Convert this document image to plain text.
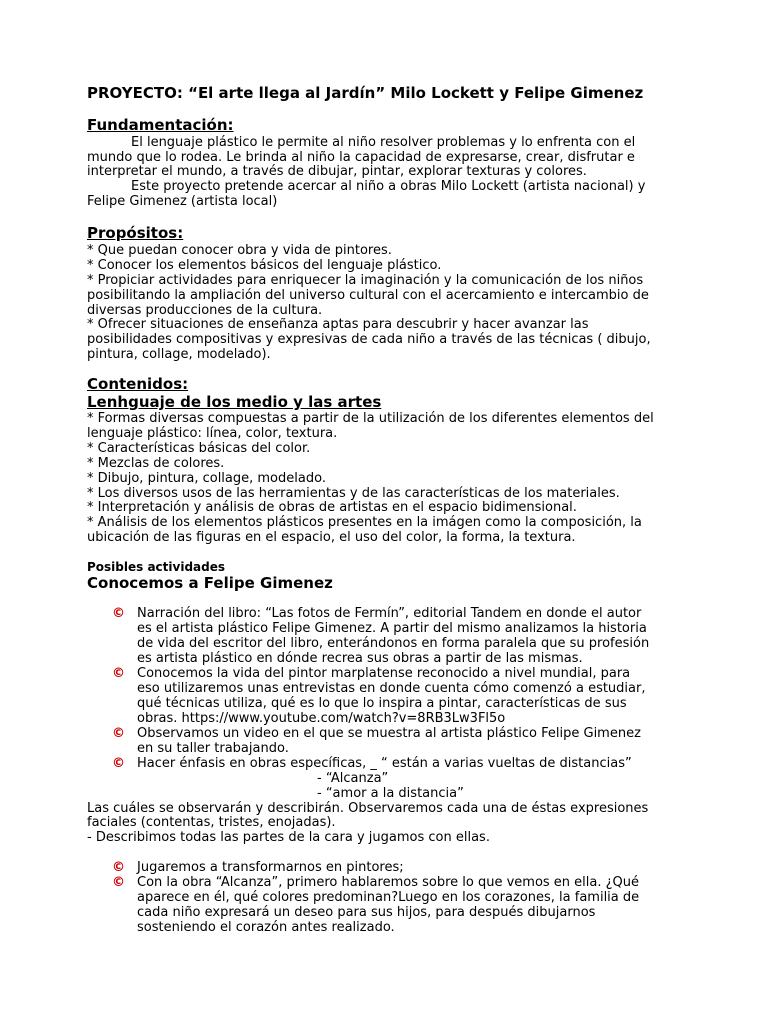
PROYECTO: “El arte llega al Jardín” Milo Lockett y Felipe Gimenez
Fundamentación:
El lenguaje plástico le permite al niño resolver problemas y lo enfrenta con el
mundo que lo rodea. Le brinda al niño la capacidad de expresarse, crear, disfrutar e
interpretar el mundo, a través de dibujar, pintar, explorar texturas y colores.
Este proyecto pretende acercar al niño a obras Milo Lockett (artista nacional) y
Felipe Gimenez (artista local)
Propósitos:
* Que puedan conocer obra y vida de pintores.
* Conocer los elementos básicos del lenguaje plástico.
* Propiciar actividades para enriquecer la imaginación y la comunicación de los niños
posibilitando la ampliación del universo cultural con el acercamiento e intercambio de
diversas producciones de la cultura.
* Ofrecer situaciones de enseñanza aptas para descubrir y hacer avanzar las
posibilidades compositivas y expresivas de cada niño a través de las técnicas ( dibujo,
pintura, collage, modelado).
Contenidos:
Lenhguaje de los medio y las artes
* Formas diversas compuestas a partir de la utilización de los diferentes elementos del
lenguaje plástico: línea, color, textura.
* Características básicas del color.
* Mezclas de colores.
* Dibujo, pintura, collage, modelado.
* Los diversos usos de las herramientas y de las características de los materiales.
* Interpretación y análisis de obras de artistas en el espacio bidimensional.
* Análisis de los elementos plásticos presentes en la imágen como la composición, la
ubicación de las figuras en el espacio, el uso del color, la forma, la textura.
Posibles actividades
Conocemos a Felipe Gimenez
© Narración del libro: “Las fotos de Fermín”, editorial Tandem en donde el autor
es el artista plástico Felipe Gimenez. A partir del mismo analizamos la historia
de vida del escritor del libro, enterándonos en forma paralela que su profesión
es artista plástico en dónde recrea sus obras a partir de las mismas.
© Conocemos la vida del pintor marplatense reconocido a nivel mundial, para
eso utilizaremos unas entrevistas en donde cuenta cómo comenzó a estudiar,
qué técnicas utiliza, qué es lo que lo inspira a pintar, características de sus
obras. https://www.youtube.com/watch?v=8RB3Lw3Fl5o
© Observamos un video en el que se muestra al artista plástico Felipe Gimenez
en su taller trabajando.
© Hacer énfasis en obras específicas, _ “ están a varias vueltas de distancias”
- “Alcanza”
- “amor a la distancia”
Las cuáles se observarán y describirán. Observaremos cada una de éstas expresiones
faciales (contentas, tristes, enojadas).
- Describimos todas las partes de la cara y jugamos con ellas.
© Jugaremos a transformarnos en pintores;
© Con la obra “Alcanza”, primero hablaremos sobre lo que vemos en ella. ¿Qué
aparece en él, qué colores predominan?Luego en los corazones, la familia de
cada niño expresará un deseo para sus hijos, para después dibujarnos
sosteniendo el corazón antes realizado.
